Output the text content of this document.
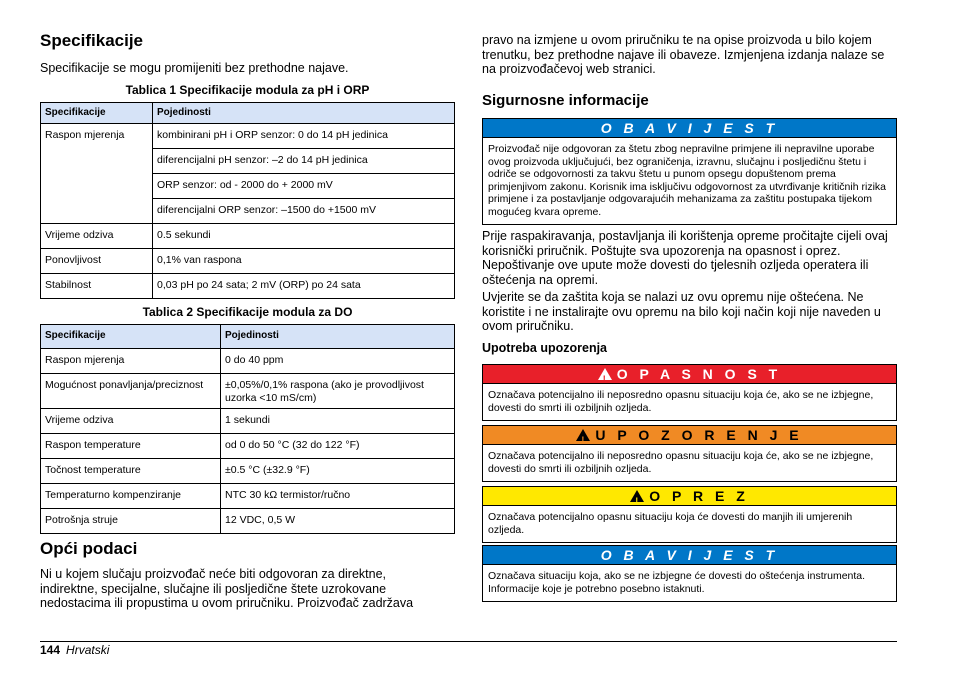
Specifikacije

Specifikacije se mogu promijeniti bez prethodne najave.

Tablica 1 Specifikacije modula za pH i ORP
Specifikacije	Pojedinosti
Raspon mjerenja	kombinirani pH i ORP senzor: 0 do 14 pH jedinica
	diferencijalni pH senzor: –2 do 14 pH jedinica
	ORP senzor: od - 2000 do + 2000 mV
	diferencijalni ORP senzor: –1500 do +1500 mV
Vrijeme odziva	0.5 sekundi
Ponovljivost	0,1% van raspona
Stabilnost	0,03 pH po 24 sata; 2 mV (ORP) po 24 sata
Tablica 2 Specifikacije modula za DO
Specifikacije	Pojedinosti
Raspon mjerenja	0 do 40 ppm
Mogućnost ponavljanja/preciznost	±0,05%/0,1% raspona (ako je provodljivost uzorka <10 mS/cm)
Vrijeme odziva	1 sekundi
Raspon temperature	od 0 do 50 °C (32 do 122 °F)
Točnost temperature	±0.5 °C (±32.9 °F)
Temperaturno kompenziranje	NTC 30 kΩ termistor/ručno
Potrošnja struje	12 VDC, 0,5 W
Opći podaci

Ni u kojem slučaju proizvođač neće biti odgovoran za direktne, indirektne, specijalne, slučajne ili posljedične štete uzrokovane nedostacima ili propustima u ovom priručniku. Proizvođač zadržava

pravo na izmjene u ovom priručniku te na opise proizvoda u bilo kojem trenutku, bez prethodne najave ili obaveze. Izmjenjena izdanja nalaze se na proizvođačevoj web stranici.

Sigurnosne informacije
O B A V I J E S T
Proizvođač nije odgovoran za štetu zbog nepravilne primjene ili nepravilne uporabe ovog proizvoda uključujući, bez ograničenja, izravnu, slučajnu i posljedičnu štetu i odriče se odgovornosti za takvu štetu u punom opsegu dopuštenom prema primjenjivom zakonu. Korisnik ima isključivu odgovornost za utvrđivanje kritičnih rizika primjene i za postavljanje odgovarajućih mehanizama za zaštitu postupaka tijekom mogućeg kvara opreme.

Prije raspakiravanja, postavljanja ili korištenja opreme pročitajte cijeli ovaj korisnički priručnik. Poštujte sva upozorenja na opasnost i oprez. Nepoštivanje ove upute može dovesti do tjelesnih ozljeda operatera ili oštećenja na opremi.

Uvjerite se da zaštita koja se nalazi uz ovu opremu nije oštećena. Ne koristite i ne instalirajte ovu opremu na bilo koji način koji nije naveden u ovom priručniku.

Upotreba upozorenja
! O P A S N O S T
Označava potencijalno ili neposredno opasnu situaciju koja će, ako se ne izbjegne, dovesti do smrti ili ozbiljnih ozljeda.
! U P O Z O R E N J E
Označava potencijalno ili neposredno opasnu situaciju koja će, ako se ne izbjegne, dovesti do smrti ili ozbiljnih ozljeda.
! O P R E Z
Označava potencijalno opasnu situaciju koja će dovesti do manjih ili umjerenih ozljeda.
O B A V I J E S T
Označava situaciju koja, ako se ne izbjegne će dovesti do oštećenja instrumenta. Informacije koje je potrebno posebno istaknuti.
144 Hrvatski
